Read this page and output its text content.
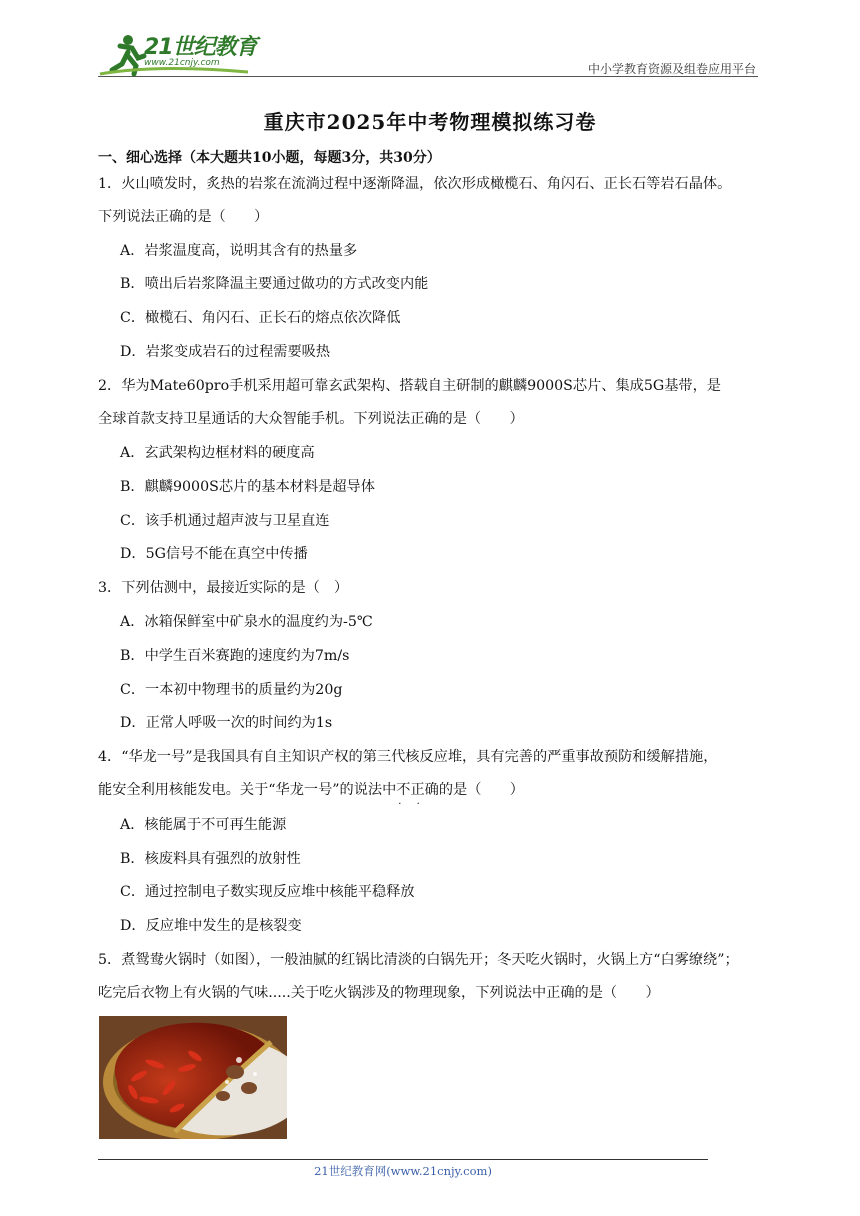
21世纪教育
www.21cnjy.com	中小学教育资源及组卷应用平台
重庆市2025年中考物理模拟练习卷
一、细心选择（本大题共10小题，每题3分，共30分）
1．火山喷发时，炙热的岩浆在流淌过程中逐渐降温，依次形成橄榄石、角闪石、正长石等岩石晶体。
下列说法正确的是（　　）
A．岩浆温度高，说明其含有的热量多
B．喷出后岩浆降温主要通过做功的方式改变内能
C．橄榄石、角闪石、正长石的熔点依次降低
D．岩浆变成岩石的过程需要吸热
2．华为Mate60pro手机采用超可靠玄武架构、搭载自主研制的麒麟9000S芯片、集成5G基带，是
全球首款支持卫星通话的大众智能手机。下列说法正确的是（　　）
A．玄武架构边框材料的硬度高
B．麒麟9000S芯片的基本材料是超导体
C．该手机通过超声波与卫星直连
D．5G信号不能在真空中传播
3．下列估测中，最接近实际的是（　）
A．冰箱保鲜室中矿泉水的温度约为-5℃
B．中学生百米赛跑的速度约为7m/s
C．一本初中物理书的质量约为20g
D．正常人呼吸一次的时间约为1s
4．“华龙一号”是我国具有自主知识产权的第三代核反应堆，具有完善的严重事故预防和缓解措施，
能安全利用核能发电。关于“华龙一号”的说法中不正确 · ·的是（　　）
A．核能属于不可再生能源
B．核废料具有强烈的放射性
C．通过控制电子数实现反应堆中核能平稳释放
D．反应堆中发生的是核裂变
5．煮鸳鸯火锅时（如图），一般油腻的红锅比清淡的白锅先开；冬天吃火锅时，火锅上方“白雾缭绕”；
吃完后衣物上有火锅的气味.....关于吃火锅涉及的物理现象，下列说法中正确的是（　　）
21世纪教育网(www.21cnjy.com)
